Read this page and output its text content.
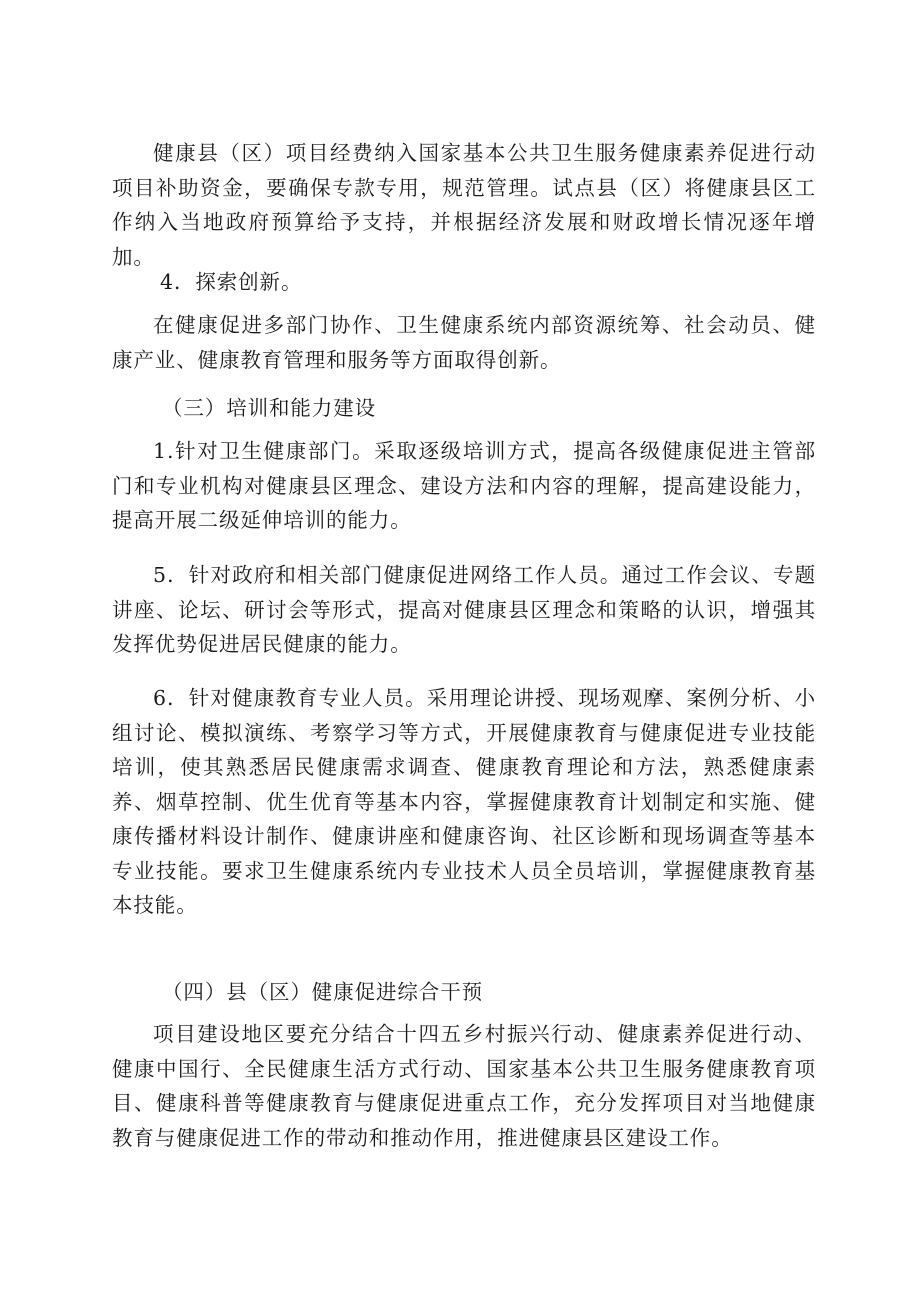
健康县（区）项目经费纳入国家基本公共卫生服务健康素养促进行动项目补助资金，要确保专款专用，规范管理。试点县（区）将健康县区工作纳入当地政府预算给予支持，并根据经济发展和财政增长情况逐年增加。

4．探索创新。

在健康促进多部门协作、卫生健康系统内部资源统筹、社会动员、健康产业、健康教育管理和服务等方面取得创新。

（三）培训和能力建设

1.针对卫生健康部门。采取逐级培训方式，提高各级健康促进主管部门和专业机构对健康县区理念、建设方法和内容的理解，提高建设能力，提高开展二级延伸培训的能力。

5．针对政府和相关部门健康促进网络工作人员。通过工作会议、专题讲座、论坛、研讨会等形式，提高对健康县区理念和策略的认识，增强其发挥优势促进居民健康的能力。

6．针对健康教育专业人员。采用理论讲授、现场观摩、案例分析、小组讨论、模拟演练、考察学习等方式，开展健康教育与健康促进专业技能培训，使其熟悉居民健康需求调查、健康教育理论和方法，熟悉健康素养、烟草控制、优生优育等基本内容，掌握健康教育计划制定和实施、健康传播材料设计制作、健康讲座和健康咨询、社区诊断和现场调查等基本专业技能。要求卫生健康系统内专业技术人员全员培训，掌握健康教育基本技能。

（四）县（区）健康促进综合干预

项目建设地区要充分结合十四五乡村振兴行动、健康素养促进行动、健康中国行、全民健康生活方式行动、国家基本公共卫生服务健康教育项目、健康科普等健康教育与健康促进重点工作，充分发挥项目对当地健康教育与健康促进工作的带动和推动作用，推进健康县区建设工作。
